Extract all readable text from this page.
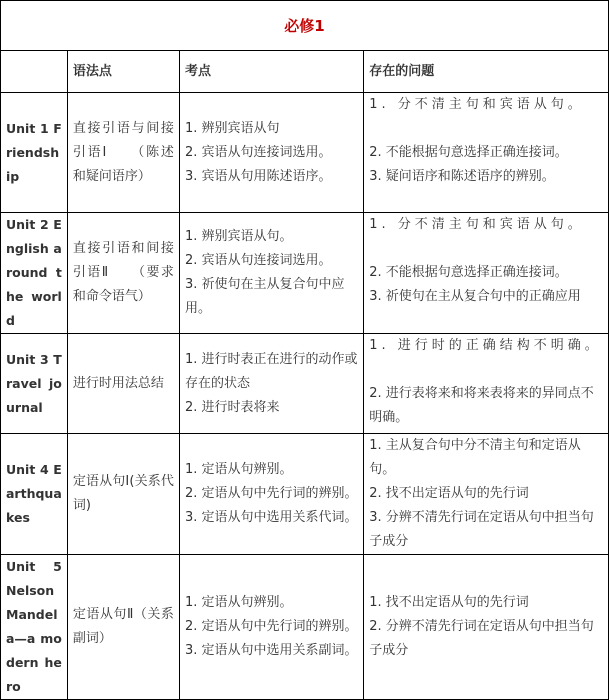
必修1			
	语法点	考点	存在的问题
Unit 1 Friendship	直接引语与间接引语Ⅰ　　（陈述和疑问语序）	1. 辨别宾语从句
2. 宾语从句连接词选用。
3. 宾语从句用陈述语序。	1. 分不清主句和宾语从句。
2. 不能根据句意选择正确连接词。
3. 疑问语序和陈述语序的辨别。

Unit 2 English around the world	直接引语和间接引语Ⅱ　　（要求和命令语气）	1. 辨别宾语从句。
2. 宾语从句连接词选用。
3. 祈使句在主从复合句中应用。	1. 分不清主句和宾语从句。
2. 不能根据句意选择正确连接词。
3. 祈使句在主从复合句中的正确应用

Unit 3 Travel journal	进行时用法总结	1. 进行时表正在进行的动作或存在的状态
2. 进行时表将来	1. 进行时的正确结构不明确。
2. 进行表将来和将来表将来的异同点不明确。

Unit 4 Earthquakes	定语从句Ⅰ(关系代词)	1. 定语从句辨别。
2. 定语从句中先行词的辨别。
3. 定语从句中选用关系代词。	1. 主从复合句中分不清主句和定语从句。
2. 找不出定语从句的先行词
3. 分辨不清先行词在定语从句中担当句子成分

Unit 5 Nelson Mandela—a modern hero	定语从句Ⅱ（关系副词）	1. 定语从句辨别。
2. 定语从句中先行词的辨别。
3. 定语从句中选用关系副词。	1. 找不出定语从句的先行词
2. 分辨不清先行词在定语从句中担当句子成分
